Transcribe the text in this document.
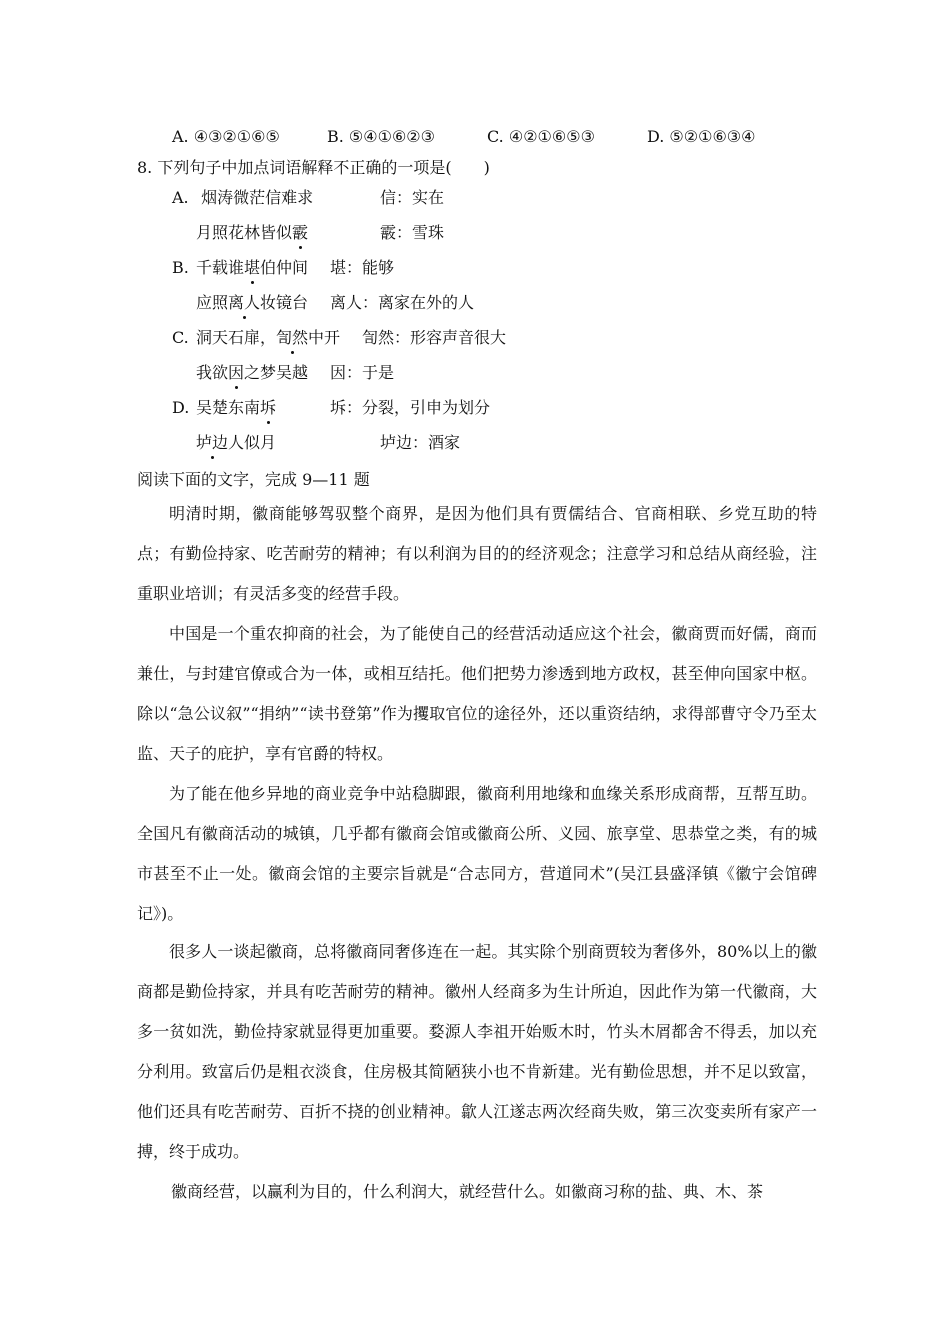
A. ④③②①⑥⑤	B. ⑤④①⑥②③	C. ④②①⑥⑤③	D. ⑤②①⑥③④
8. 下列句子中加点词语解释不正确的一项是(　　)
A. 烟涛微茫信难求	信：实在
月照花林皆似霰	霰：雪珠
B. 千载谁堪伯仲间 堪：能够
应照离人妆镜台 离人：离家在外的人
C. 洞天石扉，訇然中开 訇然：形容声音很大
我欲因之梦吴越 因：于是
D. 吴楚东南坼	坼：分裂，引申为划分
垆边人似月	垆边：酒家
阅读下面的文字，完成 9—11 题
明清时期，徽商能够驾驭整个商界，是因为他们具有贾儒结合、官商相联、乡党互助的特点；有勤俭持家、吃苦耐劳的精神；有以利润为目的的经济观念；注意学习和总结从商经验，注重职业培训；有灵活多变的经营手段。
中国是一个重农抑商的社会，为了能使自己的经营活动适应这个社会，徽商贾而好儒，商而兼仕，与封建官僚或合为一体，或相互结托。他们把势力渗透到地方政权，甚至伸向国家中枢。除以“急公议叙”“捐纳”“读书登第”作为攫取官位的途径外，还以重资结纳，求得部曹守令乃至太监、天子的庇护，享有官爵的特权。
为了能在他乡异地的商业竞争中站稳脚跟，徽商利用地缘和血缘关系形成商帮，互帮互助。全国凡有徽商活动的城镇，几乎都有徽商会馆或徽商公所、义园、旅享堂、思恭堂之类，有的城市甚至不止一处。徽商会馆的主要宗旨就是“合志同方，营道同术”(吴江县盛泽镇《徽宁会馆碑记》)。
很多人一谈起徽商，总将徽商同奢侈连在一起。其实除个别商贾较为奢侈外，80%以上的徽商都是勤俭持家，并具有吃苦耐劳的精神。徽州人经商多为生计所迫，因此作为第一代徽商，大多一贫如洗，勤俭持家就显得更加重要。婺源人李祖开始贩木时，竹头木屑都舍不得丢，加以充分利用。致富后仍是粗衣淡食，住房极其简陋狭小也不肯新建。光有勤俭思想，并不足以致富，他们还具有吃苦耐劳、百折不挠的创业精神。歙人江遂志两次经商失败，第三次变卖所有家产一搏，终于成功。
徽商经营，以赢利为目的，什么利润大，就经营什么。如徽商习称的盐、典、木、茶
